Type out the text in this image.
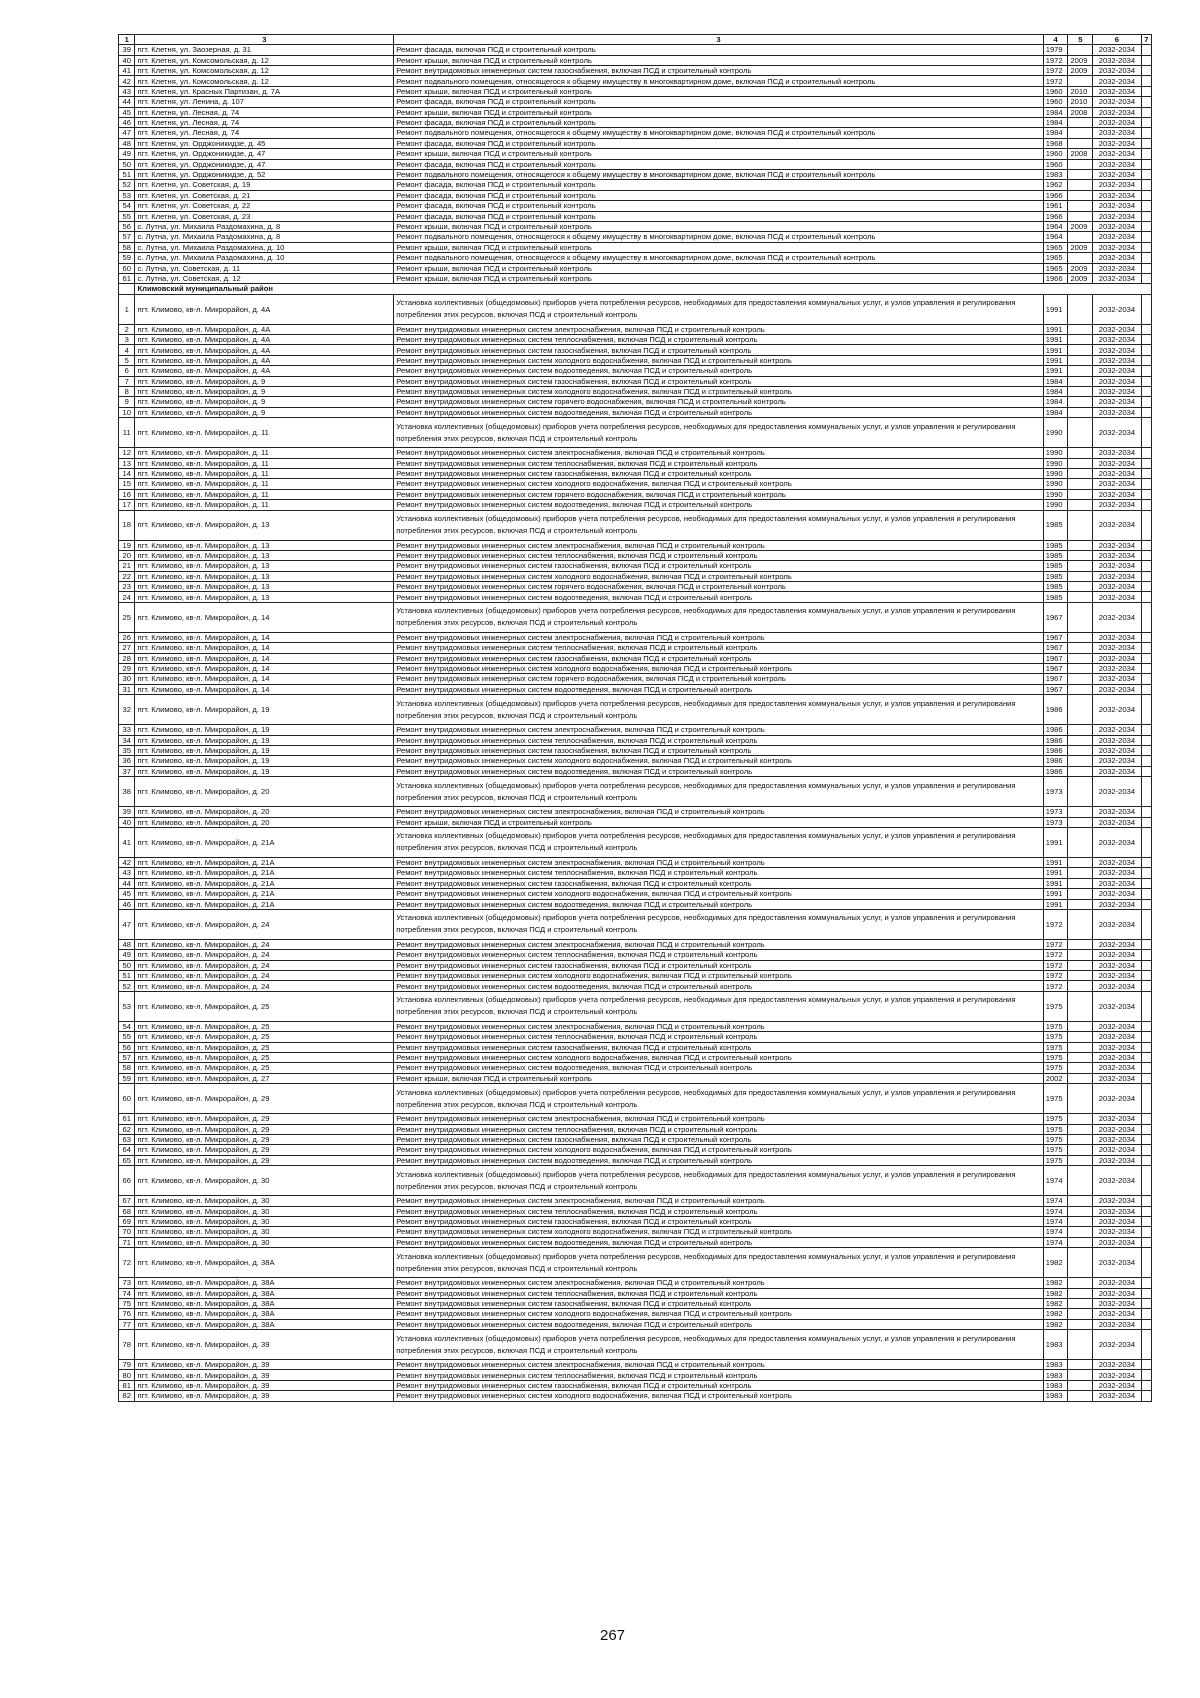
1	3	3	4	5	6	7
39	пгт. Клетня, ул. Заозерная, д. 31	Ремонт фасада, включая ПСД и строительный контроль	1979		2032-2034	
40	пгт. Клетня, ул. Комсомольская, д. 12	Ремонт крыши, включая ПСД и строительный контроль	1972	2009	2032-2034	
41	пгт. Клетня, ул. Комсомольская, д. 12	Ремонт внутридомовых инженерных систем газоснабжения, включая ПСД и строительный контроль	1972	2009	2032-2034	
42	пгт. Клетня, ул. Комсомольская, д. 12	Ремонт подвального помещения, относящегося к общему имуществу в многоквартирном доме, включая ПСД и строительный контроль	1972		2032-2034	
43	пгт. Клетня, ул. Красных Партизан, д. 7А	Ремонт крыши, включая ПСД и строительный контроль	1960	2010	2032-2034	
44	пгт. Клетня, ул. Ленина, д. 107	Ремонт фасада, включая ПСД и строительный контроль	1960	2010	2032-2034	
45	пгт. Клетня, ул. Лесная, д. 74	Ремонт крыши, включая ПСД и строительный контроль	1984	2008	2032-2034	
46	пгт. Клетня, ул. Лесная, д. 74	Ремонт фасада, включая ПСД и строительный контроль	1984		2032-2034	
47	пгт. Клетня, ул. Лесная, д. 74	Ремонт подвального помещения, относящегося к общему имуществу в многоквартирном доме, включая ПСД и строительный контроль	1984		2032-2034	
48	пгт. Клетня, ул. Орджоникидзе, д. 45	Ремонт фасада, включая ПСД и строительный контроль	1968		2032-2034	
49	пгт. Клетня, ул. Орджоникидзе, д. 47	Ремонт крыши, включая ПСД и строительный контроль	1960	2008	2032-2034	
50	пгт. Клетня, ул. Орджоникидзе, д. 47	Ремонт фасада, включая ПСД и строительный контроль	1960		2032-2034	
51	пгт. Клетня, ул. Орджоникидзе, д. 52	Ремонт подвального помещения, относящегося к общему имуществу в многоквартирном доме, включая ПСД и строительный контроль	1983		2032-2034	
52	пгт. Клетня, ул. Советская, д. 19	Ремонт фасада, включая ПСД и строительный контроль	1962		2032-2034	
53	пгт. Клетня, ул. Советская, д. 21	Ремонт фасада, включая ПСД и строительный контроль	1966		2032-2034	
54	пгт. Клетня, ул. Советская, д. 22	Ремонт фасада, включая ПСД и строительный контроль	1961		2032-2034	
55	пгт. Клетня, ул. Советская, д. 23	Ремонт фасада, включая ПСД и строительный контроль	1966		2032-2034	
56	с. Лутна, ул. Михаила Раздомахина, д. 8	Ремонт крыши, включая ПСД и строительный контроль	1964	2009	2032-2034	
57	с. Лутна, ул. Михаила Раздомахина, д. 8	Ремонт подвального помещения, относящегося к общему имуществу в многоквартирном доме, включая ПСД и строительный контроль	1964		2032-2034	
58	с. Лутна, ул. Михаила Раздомахина, д. 10	Ремонт крыши, включая ПСД и строительный контроль	1965	2009	2032-2034	
59	с. Лутна, ул. Михаила Раздомахина, д. 10	Ремонт подвального помещения, относящегося к общему имуществу в многоквартирном доме, включая ПСД и строительный контроль	1965		2032-2034	
60	с. Лутна, ул. Советская, д. 11	Ремонт крыши, включая ПСД и строительный контроль	1965	2009	2032-2034	
61	с. Лутна, ул. Советская, д. 12	Ремонт крыши, включая ПСД и строительный контроль	1966	2009	2032-2034	
	Климовский муниципальный район					
1	пгт. Климово, кв-л. Микрорайон, д. 4А	Установка коллективных (общедомовых) приборов учета потребления ресурсов, необходимых для предоставления коммунальных услуг, и узлов управления и регулирования потребления этих ресурсов, включая ПСД и строительный контроль	1991		2032-2034	
2	пгт. Климово, кв-л. Микрорайон, д. 4А	Ремонт внутридомовых инженерных систем электроснабжения, включая ПСД и строительный контроль	1991		2032-2034	
3	пгт. Климово, кв-л. Микрорайон, д. 4А	Ремонт внутридомовых инженерных систем теплоснабжения, включая ПСД и строительный контроль	1991		2032-2034	
4	пгт. Климово, кв-л. Микрорайон, д. 4А	Ремонт внутридомовых инженерных систем газоснабжения, включая ПСД и строительный контроль	1991		2032-2034	
5	пгт. Климово, кв-л. Микрорайон, д. 4А	Ремонт внутридомовых инженерных систем холодного водоснабжения, включая ПСД и строительный контроль	1991		2032-2034	
6	пгт. Климово, кв-л. Микрорайон, д. 4А	Ремонт внутридомовых инженерных систем водоотведения, включая ПСД и строительный контроль	1991		2032-2034	
7	пгт. Климово, кв-л. Микрорайон, д. 9	Ремонт внутридомовых инженерных систем газоснабжения, включая ПСД и строительный контроль	1984		2032-2034	
8	пгт. Климово, кв-л. Микрорайон, д. 9	Ремонт внутридомовых инженерных систем холодного водоснабжения, включая ПСД и строительный контроль	1984		2032-2034	
9	пгт. Климово, кв-л. Микрорайон, д. 9	Ремонт внутридомовых инженерных систем горячего водоснабжения, включая ПСД и строительный контроль	1984		2032-2034	
10	пгт. Климово, кв-л. Микрорайон, д. 9	Ремонт внутридомовых инженерных систем водоотведения, включая ПСД и строительный контроль	1984		2032-2034	
11	пгт. Климово, кв-л. Микрорайон, д. 11	Установка коллективных (общедомовых) приборов учета потребления ресурсов, необходимых для предоставления коммунальных услуг, и узлов управления и регулирования потребления этих ресурсов, включая ПСД и строительный контроль	1990		2032-2034	
12	пгт. Климово, кв-л. Микрорайон, д. 11	Ремонт внутридомовых инженерных систем электроснабжения, включая ПСД и строительный контроль	1990		2032-2034	
13	пгт. Климово, кв-л. Микрорайон, д. 11	Ремонт внутридомовых инженерных систем теплоснабжения, включая ПСД и строительный контроль	1990		2032-2034	
14	пгт. Климово, кв-л. Микрорайон, д. 11	Ремонт внутридомовых инженерных систем газоснабжения, включая ПСД и строительный контроль	1990		2032-2034	
15	пгт. Климово, кв-л. Микрорайон, д. 11	Ремонт внутридомовых инженерных систем холодного водоснабжения, включая ПСД и строительный контроль	1990		2032-2034	
16	пгт. Климово, кв-л. Микрорайон, д. 11	Ремонт внутридомовых инженерных систем горячего водоснабжения, включая ПСД и строительный контроль	1990		2032-2034	
17	пгт. Климово, кв-л. Микрорайон, д. 11	Ремонт внутридомовых инженерных систем водоотведения, включая ПСД и строительный контроль	1990		2032-2034	
18	пгт. Климово, кв-л. Микрорайон, д. 13	Установка коллективных (общедомовых) приборов учета потребления ресурсов, необходимых для предоставления коммунальных услуг, и узлов управления и регулирования потребления этих ресурсов, включая ПСД и строительный контроль	1985		2032-2034	
19	пгт. Климово, кв-л. Микрорайон, д. 13	Ремонт внутридомовых инженерных систем электроснабжения, включая ПСД и строительный контроль	1985		2032-2034	
20	пгт. Климово, кв-л. Микрорайон, д. 13	Ремонт внутридомовых инженерных систем теплоснабжения, включая ПСД и строительный контроль	1985		2032-2034	
21	пгт. Климово, кв-л. Микрорайон, д. 13	Ремонт внутридомовых инженерных систем газоснабжения, включая ПСД и строительный контроль	1985		2032-2034	
22	пгт. Климово, кв-л. Микрорайон, д. 13	Ремонт внутридомовых инженерных систем холодного водоснабжения, включая ПСД и строительный контроль	1985		2032-2034	
23	пгт. Климово, кв-л. Микрорайон, д. 13	Ремонт внутридомовых инженерных систем горячего водоснабжения, включая ПСД и строительный контроль	1985		2032-2034	
24	пгт. Климово, кв-л. Микрорайон, д. 13	Ремонт внутридомовых инженерных систем водоотведения, включая ПСД и строительный контроль	1985		2032-2034	
25	пгт. Климово, кв-л. Микрорайон, д. 14	Установка коллективных (общедомовых) приборов учета потребления ресурсов, необходимых для предоставления коммунальных услуг, и узлов управления и регулирования потребления этих ресурсов, включая ПСД и строительный контроль	1967		2032-2034	
26	пгт. Климово, кв-л. Микрорайон, д. 14	Ремонт внутридомовых инженерных систем электроснабжения, включая ПСД и строительный контроль	1967		2032-2034	
27	пгт. Климово, кв-л. Микрорайон, д. 14	Ремонт внутридомовых инженерных систем теплоснабжения, включая ПСД и строительный контроль	1967		2032-2034	
28	пгт. Климово, кв-л. Микрорайон, д. 14	Ремонт внутридомовых инженерных систем газоснабжения, включая ПСД и строительный контроль	1967		2032-2034	
29	пгт. Климово, кв-л. Микрорайон, д. 14	Ремонт внутридомовых инженерных систем холодного водоснабжения, включая ПСД и строительный контроль	1967		2032-2034	
30	пгт. Климово, кв-л. Микрорайон, д. 14	Ремонт внутридомовых инженерных систем горячего водоснабжения, включая ПСД и строительный контроль	1967		2032-2034	
31	пгт. Климово, кв-л. Микрорайон, д. 14	Ремонт внутридомовых инженерных систем водоотведения, включая ПСД и строительный контроль	1967		2032-2034	
32	пгт. Климово, кв-л. Микрорайон, д. 19	Установка коллективных (общедомовых) приборов учета потребления ресурсов, необходимых для предоставления коммунальных услуг, и узлов управления и регулирования потребления этих ресурсов, включая ПСД и строительный контроль	1986		2032-2034	
33	пгт. Климово, кв-л. Микрорайон, д. 19	Ремонт внутридомовых инженерных систем электроснабжения, включая ПСД и строительный контроль	1986		2032-2034	
34	пгт. Климово, кв-л. Микрорайон, д. 19	Ремонт внутридомовых инженерных систем теплоснабжения, включая ПСД и строительный контроль	1986		2032-2034	
35	пгт. Климово, кв-л. Микрорайон, д. 19	Ремонт внутридомовых инженерных систем газоснабжения, включая ПСД и строительный контроль	1986		2032-2034	
36	пгт. Климово, кв-л. Микрорайон, д. 19	Ремонт внутридомовых инженерных систем холодного водоснабжения, включая ПСД и строительный контроль	1986		2032-2034	
37	пгт. Климово, кв-л. Микрорайон, д. 19	Ремонт внутридомовых инженерных систем водоотведения, включая ПСД и строительный контроль	1986		2032-2034	
38	пгт. Климово, кв-л. Микрорайон, д. 20	Установка коллективных (общедомовых) приборов учета потребления ресурсов, необходимых для предоставления коммунальных услуг, и узлов управления и регулирования потребления этих ресурсов, включая ПСД и строительный контроль	1973		2032-2034	
39	пгт. Климово, кв-л. Микрорайон, д. 20	Ремонт внутридомовых инженерных систем электроснабжения, включая ПСД и строительный контроль	1973		2032-2034	
40	пгт. Климово, кв-л. Микрорайон, д. 20	Ремонт крыши, включая ПСД и строительный контроль	1973		2032-2034	
41	пгт. Климово, кв-л. Микрорайон, д. 21А	Установка коллективных (общедомовых) приборов учета потребления ресурсов, необходимых для предоставления коммунальных услуг, и узлов управления и регулирования потребления этих ресурсов, включая ПСД и строительный контроль	1991		2032-2034	
42	пгт. Климово, кв-л. Микрорайон, д. 21А	Ремонт внутридомовых инженерных систем электроснабжения, включая ПСД и строительный контроль	1991		2032-2034	
43	пгт. Климово, кв-л. Микрорайон, д. 21А	Ремонт внутридомовых инженерных систем теплоснабжения, включая ПСД и строительный контроль	1991		2032-2034	
44	пгт. Климово, кв-л. Микрорайон, д. 21А	Ремонт внутридомовых инженерных систем газоснабжения, включая ПСД и строительный контроль	1991		2032-2034	
45	пгт. Климово, кв-л. Микрорайон, д. 21А	Ремонт внутридомовых инженерных систем холодного водоснабжения, включая ПСД и строительный контроль	1991		2032-2034	
46	пгт. Климово, кв-л. Микрорайон, д. 21А	Ремонт внутридомовых инженерных систем водоотведения, включая ПСД и строительный контроль	1991		2032-2034	
47	пгт. Климово, кв-л. Микрорайон, д. 24	Установка коллективных (общедомовых) приборов учета потребления ресурсов, необходимых для предоставления коммунальных услуг, и узлов управления и регулирования потребления этих ресурсов, включая ПСД и строительный контроль	1972		2032-2034	
48	пгт. Климово, кв-л. Микрорайон, д. 24	Ремонт внутридомовых инженерных систем электроснабжения, включая ПСД и строительный контроль	1972		2032-2034	
49	пгт. Климово, кв-л. Микрорайон, д. 24	Ремонт внутридомовых инженерных систем теплоснабжения, включая ПСД и строительный контроль	1972		2032-2034	
50	пгт. Климово, кв-л. Микрорайон, д. 24	Ремонт внутридомовых инженерных систем газоснабжения, включая ПСД и строительный контроль	1972		2032-2034	
51	пгт. Климово, кв-л. Микрорайон, д. 24	Ремонт внутридомовых инженерных систем холодного водоснабжения, включая ПСД и строительный контроль	1972		2032-2034	
52	пгт. Климово, кв-л. Микрорайон, д. 24	Ремонт внутридомовых инженерных систем водоотведения, включая ПСД и строительный контроль	1972		2032-2034	
53	пгт. Климово, кв-л. Микрорайон, д. 25	Установка коллективных (общедомовых) приборов учета потребления ресурсов, необходимых для предоставления коммунальных услуг, и узлов управления и регулирования потребления этих ресурсов, включая ПСД и строительный контроль	1975		2032-2034	
54	пгт. Климово, кв-л. Микрорайон, д. 25	Ремонт внутридомовых инженерных систем электроснабжения, включая ПСД и строительный контроль	1975		2032-2034	
55	пгт. Климово, кв-л. Микрорайон, д. 25	Ремонт внутридомовых инженерных систем теплоснабжения, включая ПСД и строительный контроль	1975		2032-2034	
56	пгт. Климово, кв-л. Микрорайон, д. 25	Ремонт внутридомовых инженерных систем газоснабжения, включая ПСД и строительный контроль	1975		2032-2034	
57	пгт. Климово, кв-л. Микрорайон, д. 25	Ремонт внутридомовых инженерных систем холодного водоснабжения, включая ПСД и строительный контроль	1975		2032-2034	
58	пгт. Климово, кв-л. Микрорайон, д. 25	Ремонт внутридомовых инженерных систем водоотведения, включая ПСД и строительный контроль	1975		2032-2034	
59	пгт. Климово, кв-л. Микрорайон, д. 27	Ремонт крыши, включая ПСД и строительный контроль	2002		2032-2034	
60	пгт. Климово, кв-л. Микрорайон, д. 29	Установка коллективных (общедомовых) приборов учета потребления ресурсов, необходимых для предоставления коммунальных услуг, и узлов управления и регулирования потребления этих ресурсов, включая ПСД и строительный контроль	1975		2032-2034	
61	пгт. Климово, кв-л. Микрорайон, д. 29	Ремонт внутридомовых инженерных систем электроснабжения, включая ПСД и строительный контроль	1975		2032-2034	
62	пгт. Климово, кв-л. Микрорайон, д. 29	Ремонт внутридомовых инженерных систем теплоснабжения, включая ПСД и строительный контроль	1975		2032-2034	
63	пгт. Климово, кв-л. Микрорайон, д. 29	Ремонт внутридомовых инженерных систем газоснабжения, включая ПСД и строительный контроль	1975		2032-2034	
64	пгт. Климово, кв-л. Микрорайон, д. 29	Ремонт внутридомовых инженерных систем холодного водоснабжения, включая ПСД и строительный контроль	1975		2032-2034	
65	пгт. Климово, кв-л. Микрорайон, д. 29	Ремонт внутридомовых инженерных систем водоотведения, включая ПСД и строительный контроль	1975		2032-2034	
66	пгт. Климово, кв-л. Микрорайон, д. 30	Установка коллективных (общедомовых) приборов учета потребления ресурсов, необходимых для предоставления коммунальных услуг, и узлов управления и регулирования потребления этих ресурсов, включая ПСД и строительный контроль	1974		2032-2034	
67	пгт. Климово, кв-л. Микрорайон, д. 30	Ремонт внутридомовых инженерных систем электроснабжения, включая ПСД и строительный контроль	1974		2032-2034	
68	пгт. Климово, кв-л. Микрорайон, д. 30	Ремонт внутридомовых инженерных систем теплоснабжения, включая ПСД и строительный контроль	1974		2032-2034	
69	пгт. Климово, кв-л. Микрорайон, д. 30	Ремонт внутридомовых инженерных систем газоснабжения, включая ПСД и строительный контроль	1974		2032-2034	
70	пгт. Климово, кв-л. Микрорайон, д. 30	Ремонт внутридомовых инженерных систем холодного водоснабжения, включая ПСД и строительный контроль	1974		2032-2034	
71	пгт. Климово, кв-л. Микрорайон, д. 30	Ремонт внутридомовых инженерных систем водоотведения, включая ПСД и строительный контроль	1974		2032-2034	
72	пгт. Климово, кв-л. Микрорайон, д. 38А	Установка коллективных (общедомовых) приборов учета потребления ресурсов, необходимых для предоставления коммунальных услуг, и узлов управления и регулирования потребления этих ресурсов, включая ПСД и строительный контроль	1982		2032-2034	
73	пгт. Климово, кв-л. Микрорайон, д. 38А	Ремонт внутридомовых инженерных систем электроснабжения, включая ПСД и строительный контроль	1982		2032-2034	
74	пгт. Климово, кв-л. Микрорайон, д. 38А	Ремонт внутридомовых инженерных систем теплоснабжения, включая ПСД и строительный контроль	1982		2032-2034	
75	пгт. Климово, кв-л. Микрорайон, д. 38А	Ремонт внутридомовых инженерных систем газоснабжения, включая ПСД и строительный контроль	1982		2032-2034	
76	пгт. Климово, кв-л. Микрорайон, д. 38А	Ремонт внутридомовых инженерных систем холодного водоснабжения, включая ПСД и строительный контроль	1982		2032-2034	
77	пгт. Климово, кв-л. Микрорайон, д. 38А	Ремонт внутридомовых инженерных систем водоотведения, включая ПСД и строительный контроль	1982		2032-2034	
78	пгт. Климово, кв-л. Микрорайон, д. 39	Установка коллективных (общедомовых) приборов учета потребления ресурсов, необходимых для предоставления коммунальных услуг, и узлов управления и регулирования потребления этих ресурсов, включая ПСД и строительный контроль	1983		2032-2034	
79	пгт. Климово, кв-л. Микрорайон, д. 39	Ремонт внутридомовых инженерных систем электроснабжения, включая ПСД и строительный контроль	1983		2032-2034	
80	пгт. Климово, кв-л. Микрорайон, д. 39	Ремонт внутридомовых инженерных систем теплоснабжения, включая ПСД и строительный контроль	1983		2032-2034	
81	пгт. Климово, кв-л. Микрорайон, д. 39	Ремонт внутридомовых инженерных систем газоснабжения, включая ПСД и строительный контроль	1983		2032-2034	
82	пгт. Климово, кв-л. Микрорайон, д. 39	Ремонт внутридомовых инженерных систем холодного водоснабжения, включая ПСД и строительный контроль	1983		2032-2034	
267
